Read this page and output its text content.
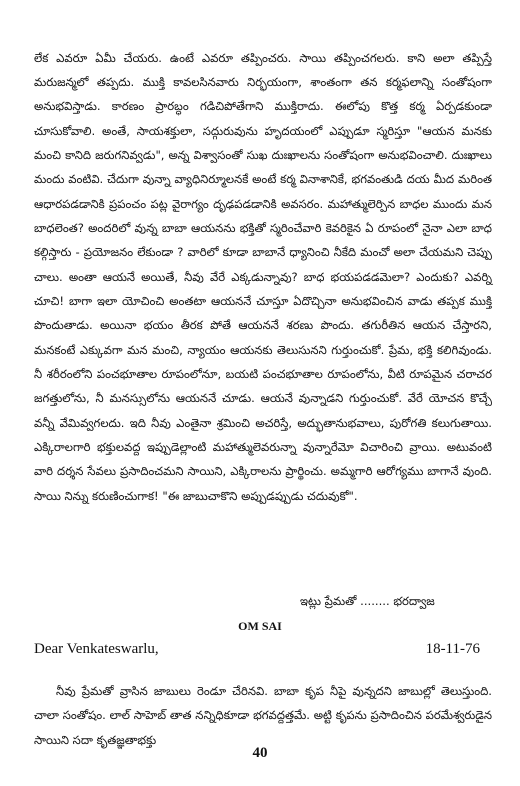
లేక ఎవరూ ఏమీ చేయరు. ఉంటే ఎవరూ తప్పించరు. సాయి తప్పించగలరు. కాని అలా తప్పిస్తే మరుజన్మలో తప్పదు. ముక్తి కావలసినవారు నిర్భయంగా, శాంతంగా తన కర్మఫలాన్ని సంతోషంగా అనుభవిస్తాడు. కారణం ప్రారబ్ధం గడిచిపోతేగాని ముక్తిరాదు. ఈలోపు కొత్త కర్మ ఏర్పడకుండా చూసుకోవాలి. అంతే, సాయశక్తులా, సద్గురువును హృదయంలో ఎప్పుడూ స్మరిస్తూ "ఆయన మనకు మంచి కానిది జరుగనివ్వడు", అన్న విశ్వాసంతో సుఖ దుఃఖాలను సంతోషంగా అనుభవించాలి. దుఃఖాలు మందు వంటివి. చేదుగా వున్నా వ్యాధినిర్మూలనకే అంటే కర్మ వినాశానికే, భగవంతుడి దయ మీద మరింత ఆధారపడడానికి ప్రపంచం పట్ల వైరాగ్యం దృఢపడడానికి అవసరం. మహాత్ములెర్పిన బాధల ముందు మన బాధలెంత? అందరిలో వున్న బాబా ఆయనను భక్తితో స్మరించేవారి కెవరికైన ఏ రూపంలో నైనా ఎలా బాధ కల్గిస్తారు - ప్రయోజనం లేకుండా ? వారిలో కూడా బాబానే ధ్యానించి నీకేది మంచో అలా చేయమని చెప్పు చాలు. అంతా ఆయనే అయితే, నీవు వేరే ఎక్కడున్నావు? బాధ భయపడడమెలా? ఎందుకు? ఎవర్ని చూచి! బాగా ఇలా యోచించి అంతటా ఆయననే చూస్తూ ఏదొచ్చినా అనుభవించిన వాడు తప్పక ముక్తి పొందుతాడు. అయినా భయం తీరక పోతే ఆయననే శరణు పొందు. తగురీతిన ఆయన చేస్తారని, మనకంటే ఎక్కువగా మన మంచి, న్యాయం ఆయనకు తెలుసునని గుర్తుంచుకో. ప్రేమ, భక్తి కలిగివుండు. నీ శరీరంలోని పంచభూతాల రూపంలోనూ, బయటి పంచభూతాల రూపంలోను, వీటి రూపమైన చరాచర జగత్తులోను, నీ మనస్సులోను ఆయననే చూడు. ఆయనే వున్నాడని గుర్తుంచుకో. వేరే యోచన కొచ్చే వన్నీ వేమివ్వగలదు. ఇది నీవు ఎంతైనా శ్రమించి అచరిస్తే, అద్భుతానుభవాలు, పురోగతి కలుగుతాయి. ఎక్కిరాలగారి భక్తులవద్ద ఇప్పుడెల్లాంటి మహాత్ములెవరున్నా వున్నారేమో విచారించి వ్రాయి. అటువంటి వారి దర్శన సేవలు ప్రసాదించమని సాయిని, ఎక్కిరాలను ప్రార్థించు. అమ్మగారి ఆరోగ్యము బాగానే వుంది. సాయి నిన్ను కరుణించుగాక! "ఈ జాబుచాకొని అప్పుడప్పుడు చదువుకో".

ఇట్లు ప్రేమతో ........ భరద్వాజ
OM SAI
Dear Venkateswarlu,	18-11-76

నీవు ప్రేమతో వ్రాసిన జాబులు రెండూ చేరినవి. బాబా కృప నీపై వున్నదని జాబుల్లో తెలుస్తుంది. చాలా సంతోషం. లాల్ సాహెబ్ తాత నన్నిధికూడా భగవద్దత్తమే. అట్టి కృపను ప్రసాదించిన పరమేశ్వరుడైన సాయిని సదా కృతజ్ఞతాభక్తు

40
